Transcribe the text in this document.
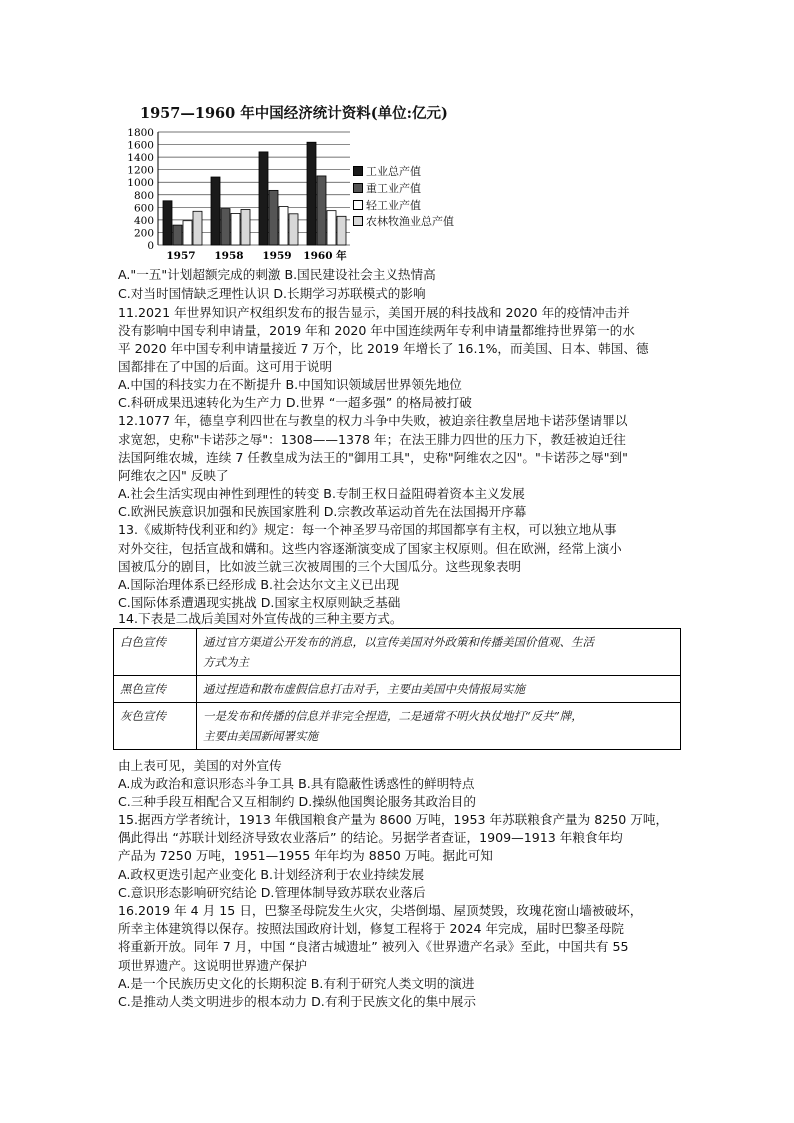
1957—1960 年中国经济统计资料(单位:亿元)
0
200
400
600
800
1000
1200
1400
1600
1800
1957 1958 1959 1960 年
工业总产值
重工业产值
轻工业产值
农林牧渔业总产值
A."一五"计划超额完成的刺激 B.国民建设社会主义热情高
C.对当时国情缺乏理性认识 D.长期学习苏联模式的影响
11.2021 年世界知识产权组织发布的报告显示，美国开展的科技战和 2020 年的疫情冲击并
没有影响中国专利申请量，2019 年和 2020 年中国连续两年专利申请量都维持世界第一的水
平 2020 年中国专利申请量接近 7 万个，比 2019 年增长了 16.1%，而美国、日本、韩国、德
国都排在了中国的后面。这可用于说明
A.中国的科技实力在不断提升 B.中国知识领域居世界领先地位
C.科研成果迅速转化为生产力 D.世界 “一超多强” 的格局被打破
12.1077 年，德皇亨利四世在与教皇的权力斗争中失败，被迫亲往教皇居地卡诺莎堡请罪以
求宽恕，史称"卡诺莎之辱"：1308——1378 年；在法王腓力四世的压力下，教廷被迫迁往
法国阿维农城，连续 7 任教皇成为法王的"御用工具"，史称"阿维农之囚"。"卡诺莎之辱"到"
阿维农之囚" 反映了
A.社会生活实现由神性到理性的转变 B.专制王权日益阻碍着资本主义发展
C.欧洲民族意识加强和民族国家胜利 D.宗教改革运动首先在法国揭开序幕
13.《威斯特伐利亚和约》规定：每一个神圣罗马帝国的邦国都享有主权，可以独立地从事
对外交往，包括宣战和媾和。这些内容逐渐演变成了国家主权原则。但在欧洲，经常上演小
国被瓜分的剧目，比如波兰就三次被周围的三个大国瓜分。这些现象表明
A.国际治理体系已经形成 B.社会达尔文主义已出现
C.国际体系遭遇现实挑战 D.国家主权原则缺乏基础
14.下表是二战后美国对外宣传战的三种主要方式。
白色宣传	通过官方渠道公开发布的消息，以宣传美国对外政策和传播美国价值观、生活
方式为主

黑色宣传	通过捏造和散布虚假信息打击对手，主要由美国中央情报局实施

灰色宣传	一是发布和传播的信息并非完全捏造，二是通常不明火执仗地打“反共”牌，
主要由美国新闻署实施
由上表可见，美国的对外宣传
A.成为政治和意识形态斗争工具 B.具有隐蔽性诱惑性的鲜明特点
C.三种手段互相配合又互相制约 D.操纵他国舆论服务其政治目的
15.据西方学者统计，1913 年俄国粮食产量为 8600 万吨，1953 年苏联粮食产量为 8250 万吨，
偶此得出 “苏联计划经济导致农业落后” 的结论。另据学者查证，1909—1913 年粮食年均
产品为 7250 万吨，1951—1955 年年均为 8850 万吨。据此可知
A.政权更迭引起产业变化 B.计划经济利于农业持续发展
C.意识形态影响研究结论 D.管理体制导致苏联农业落后
16.2019 年 4 月 15 日，巴黎圣母院发生火灾，尖塔倒塌、屋顶焚毁，玫瑰花窗山墙被破坏，
所幸主体建筑得以保存。按照法国政府计划，修复工程将于 2024 年完成，届时巴黎圣母院
将重新开放。同年 7 月，中国 “良渚古城遗址” 被列入《世界遗产名录》至此，中国共有 55
项世界遗产。这说明世界遗产保护
A.是一个民族历史文化的长期积淀 B.有利于研究人类文明的演进
C.是推动人类文明进步的根本动力 D.有利于民族文化的集中展示
